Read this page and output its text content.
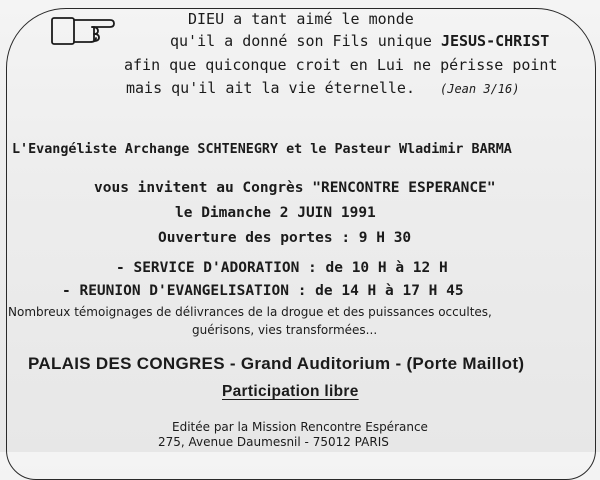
DIEU a tant aimé le monde
qu'il a donné son Fils unique JESUS-CHRIST
afin que quiconque croit en Lui ne périsse point
mais qu'il ait la vie éternelle. (Jean 3/16)
L'Evangéliste Archange SCHTENEGRY et le Pasteur Wladimir BARMA
vous invitent au Congrès "RENCONTRE ESPERANCE"
le Dimanche 2 JUIN 1991
Ouverture des portes : 9 H 30
- SERVICE D'ADORATION : de 10 H à 12 H
- REUNION D'EVANGELISATION : de 14 H à 17 H 45
Nombreux témoignages de délivrances de la drogue et des puissances occultes,
guérisons, vies transformées...
PALAIS DES CONGRES - Grand Auditorium - (Porte Maillot)
Participation libre
Editée par la Mission Rencontre Espérance
275, Avenue Daumesnil - 75012 PARIS
